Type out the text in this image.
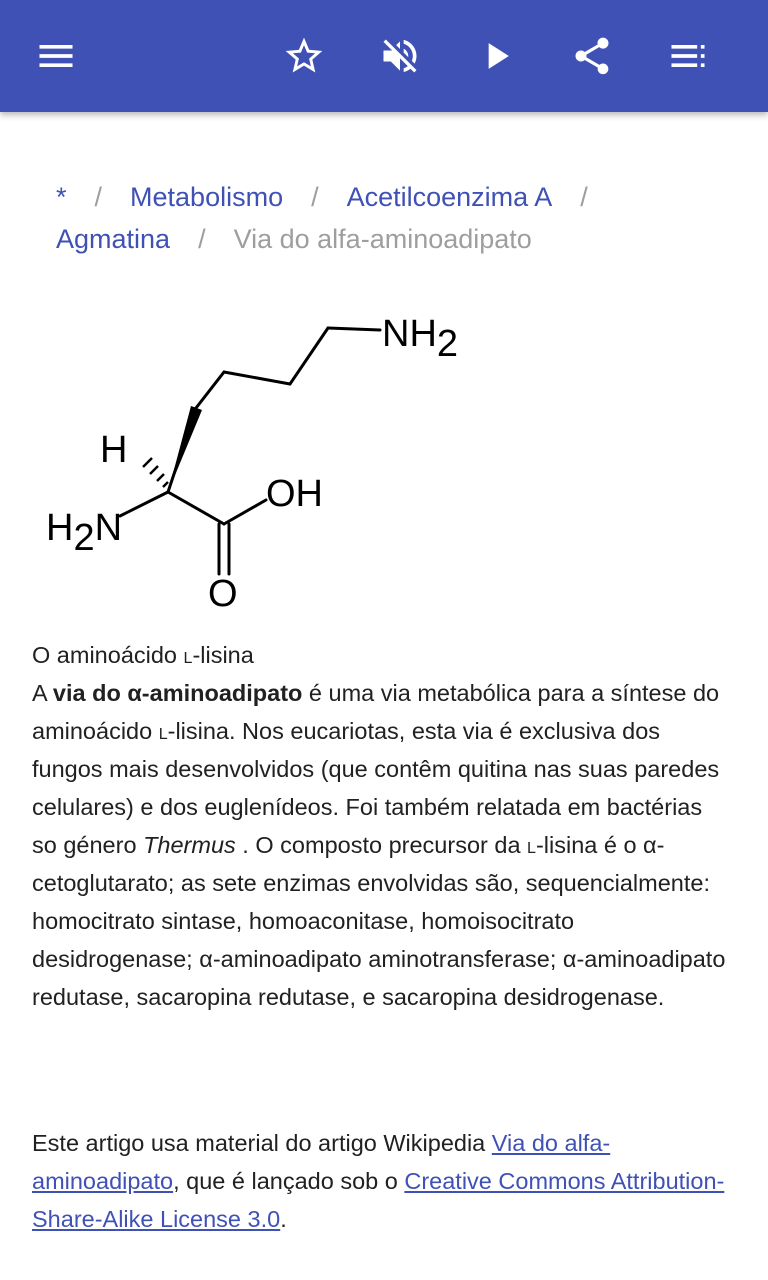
* / Metabolismo / Acetilcoenzima A /
Agmatina / Via do alfa-aminoadipato
NH2
H
H2N
OH
O
O aminoácido l-lisina
A via do α-aminoadipato é uma via metabólica para a síntese do aminoácido l-lisina. Nos eucariotas, esta via é exclusiva dos fungos mais desenvolvidos (que contêm quitina nas suas paredes celulares) e dos euglenídeos. Foi também relatada em bactérias so género Thermus . O composto precursor da l-lisina é o α-cetoglutarato; as sete enzimas envolvidas são, sequencialmente: homocitrato sintase, homoaconitase, homoisocitrato desidrogenase; α-aminoadipato aminotransferase; α-aminoadipato redutase, sacaropina redutase, e sacaropina desidrogenase.
Este artigo usa material do artigo Wikipedia Via do alfa-aminoadipato, que é lançado sob o Creative Commons Attribution-Share-Alike License 3.0.
